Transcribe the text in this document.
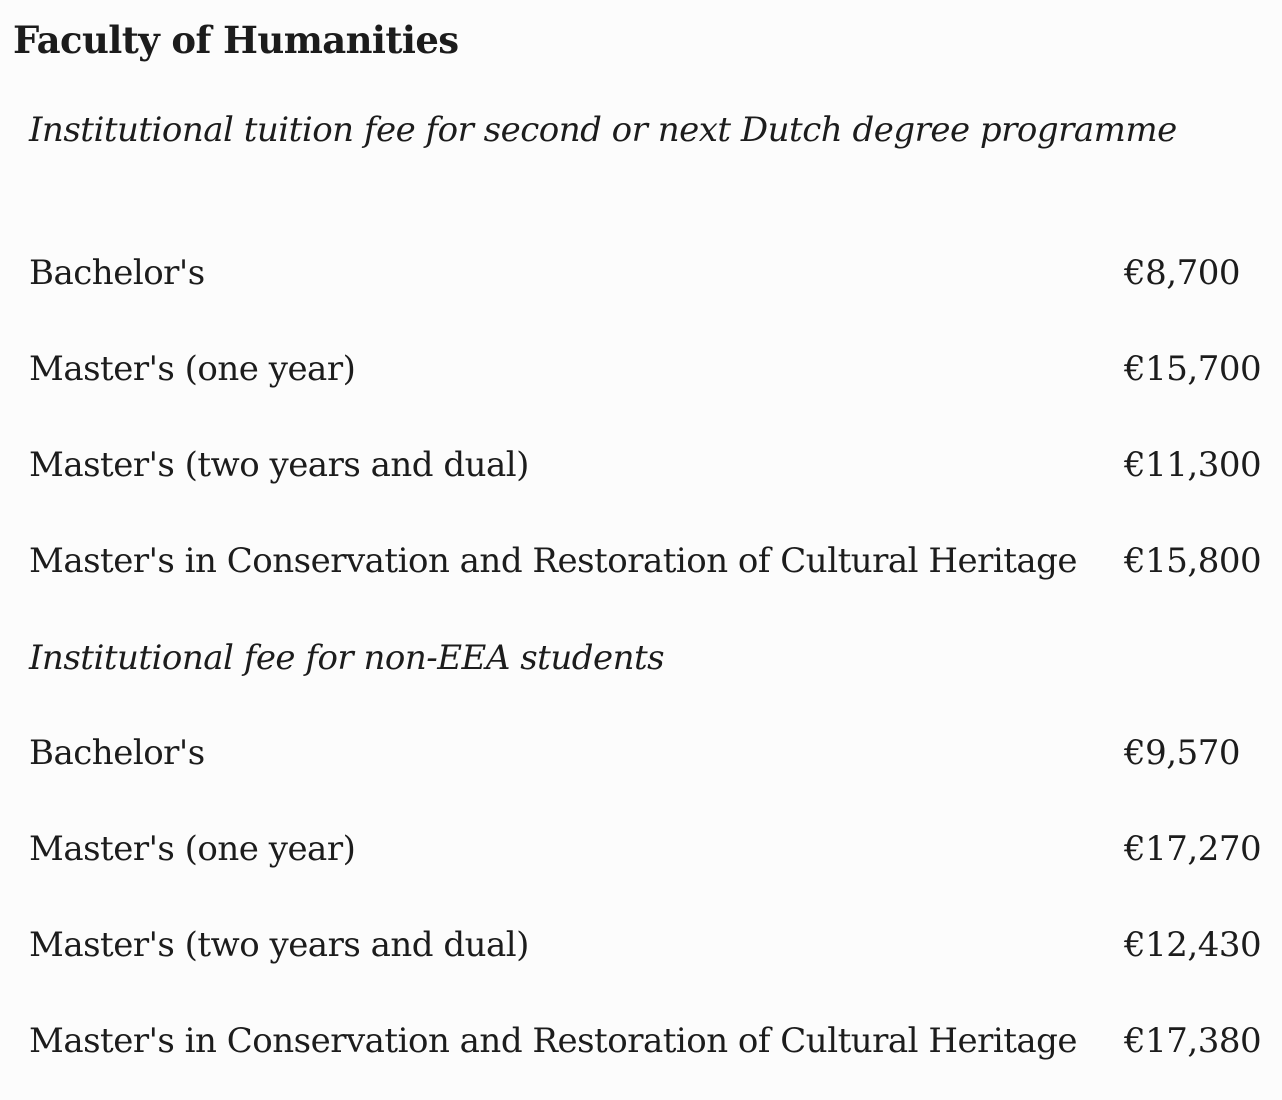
Faculty of Humanities
Institutional tuition fee for second or next Dutch degree programme
Bachelor's	€8,700
Master's (one year)	€15,700
Master's (two years and dual)	€11,300
Master's in Conservation and Restoration of Cultural Heritage €15,800
Institutional fee for non-EEA students
Bachelor's	€9,570
Master's (one year)	€17,270
Master's (two years and dual)	€12,430
Master's in Conservation and Restoration of Cultural Heritage €17,380
